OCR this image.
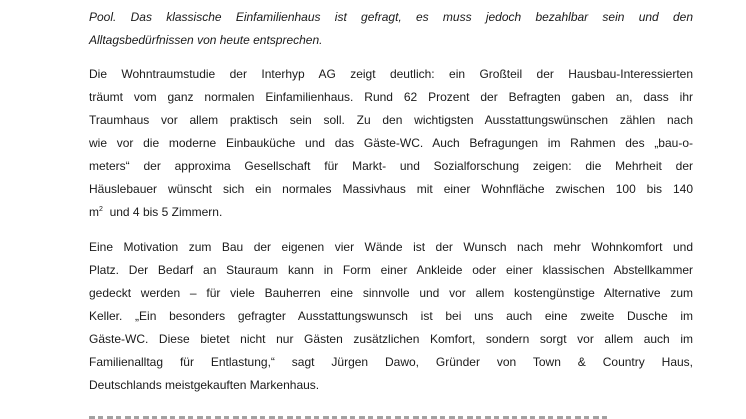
Pool. Das klassische Einfamilienhaus ist gefragt, es muss jedoch bezahlbar sein und den
Alltagsbedürfnissen von heute entsprechen.
Die Wohntraumstudie der Interhyp AG zeigt deutlich: ein Großteil der Hausbau-Interessierten
träumt vom ganz normalen Einfamilienhaus. Rund 62 Prozent der Befragten gaben an, dass ihr
Traumhaus vor allem praktisch sein soll. Zu den wichtigsten Ausstattungswünschen zählen nach
wie vor die moderne Einbauküche und das Gäste-WC. Auch Befragungen im Rahmen des „bau-o-
meters“ der approxima Gesellschaft für Markt- und Sozialforschung zeigen: die Mehrheit der
Häuslebauer wünscht sich ein normales Massivhaus mit einer Wohnfläche zwischen 100 bis 140
$m^2$  und 4 bis 5 Zimmern.
Eine Motivation zum Bau der eigenen vier Wände ist der Wunsch nach mehr Wohnkomfort und
Platz. Der Bedarf an Stauraum kann in Form einer Ankleide oder einer klassischen Abstellkammer
gedeckt werden – für viele Bauherren eine sinnvolle und vor allem kostengünstige Alternative zum
Keller. „Ein besonders gefragter Ausstattungswunsch ist bei uns auch eine zweite Dusche im
Gäste-WC. Diese bietet nicht nur Gästen zusätzlichen Komfort, sondern sorgt vor allem auch im
Familienalltag für Entlastung,“ sagt Jürgen Dawo, Gründer von Town & Country Haus,
Deutschlands meistgekauften Markenhaus.
